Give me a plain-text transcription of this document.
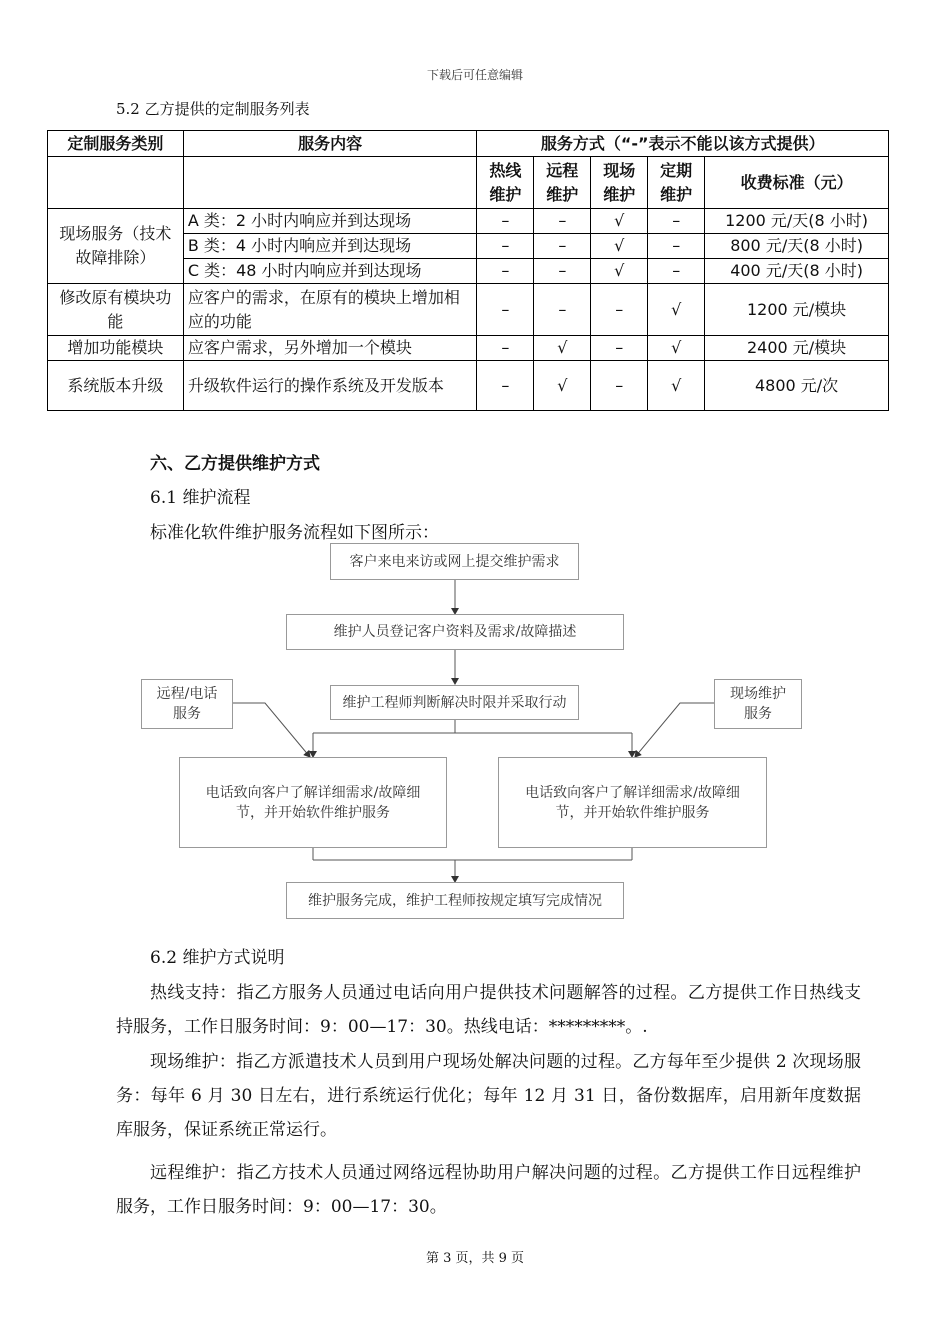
下载后可任意编辑
5.2 乙方提供的定制服务列表
定制服务类别	服务内容	服务方式（“-”表示不能以该方式提供）				
		热线维护	远程维护	现场维护	定期维护	收费标准（元）
现场服务（技术故障排除）	A 类：2 小时内响应并到达现场	–	–	√	–	1200 元/天(8 小时)
	B 类：4 小时内响应并到达现场	–	–	√	–	800 元/天(8 小时)
	C 类：48 小时内响应并到达现场	–	–	√	–	400 元/天(8 小时)
修改原有模块功能	应客户的需求，在原有的模块上增加相应的功能	–	–	–	√	1200 元/模块
增加功能模块	应客户需求，另外增加一个模块	–	√	–	√	2400 元/模块
系统版本升级	升级软件运行的操作系统及开发版本	–	√	–	√	4800 元/次
六、乙方提供维护方式
6.1 维护流程
标准化软件维护服务流程如下图所示：
客户来电来访或网上提交维护需求
维护人员登记客户资料及需求/故障描述
维护工程师判断解决时限并采取行动
远程/电话服务
现场维护服务
电话致向客户了解详细需求/故障细节，并开始软件维护服务
电话致向客户了解详细需求/故障细节，并开始软件维护服务
维护服务完成，维护工程师按规定填写完成情况
6.2 维护方式说明
热线支持：指乙方服务人员通过电话向用户提供技术问题解答的过程。乙方提供工作日热线支持服务，工作日服务时间：9：00—17：30。热线电话：*********。.
现场维护：指乙方派遣技术人员到用户现场处解决问题的过程。乙方每年至少提供 2 次现场服务：每年 6 月 30 日左右，进行系统运行优化；每年 12 月 31 日，备份数据库，启用新年度数据库服务，保证系统正常运行。
远程维护：指乙方技术人员通过网络远程协助用户解决问题的过程。乙方提供工作日远程维护服务，工作日服务时间：9：00—17：30。
第 3 页，共 9 页
